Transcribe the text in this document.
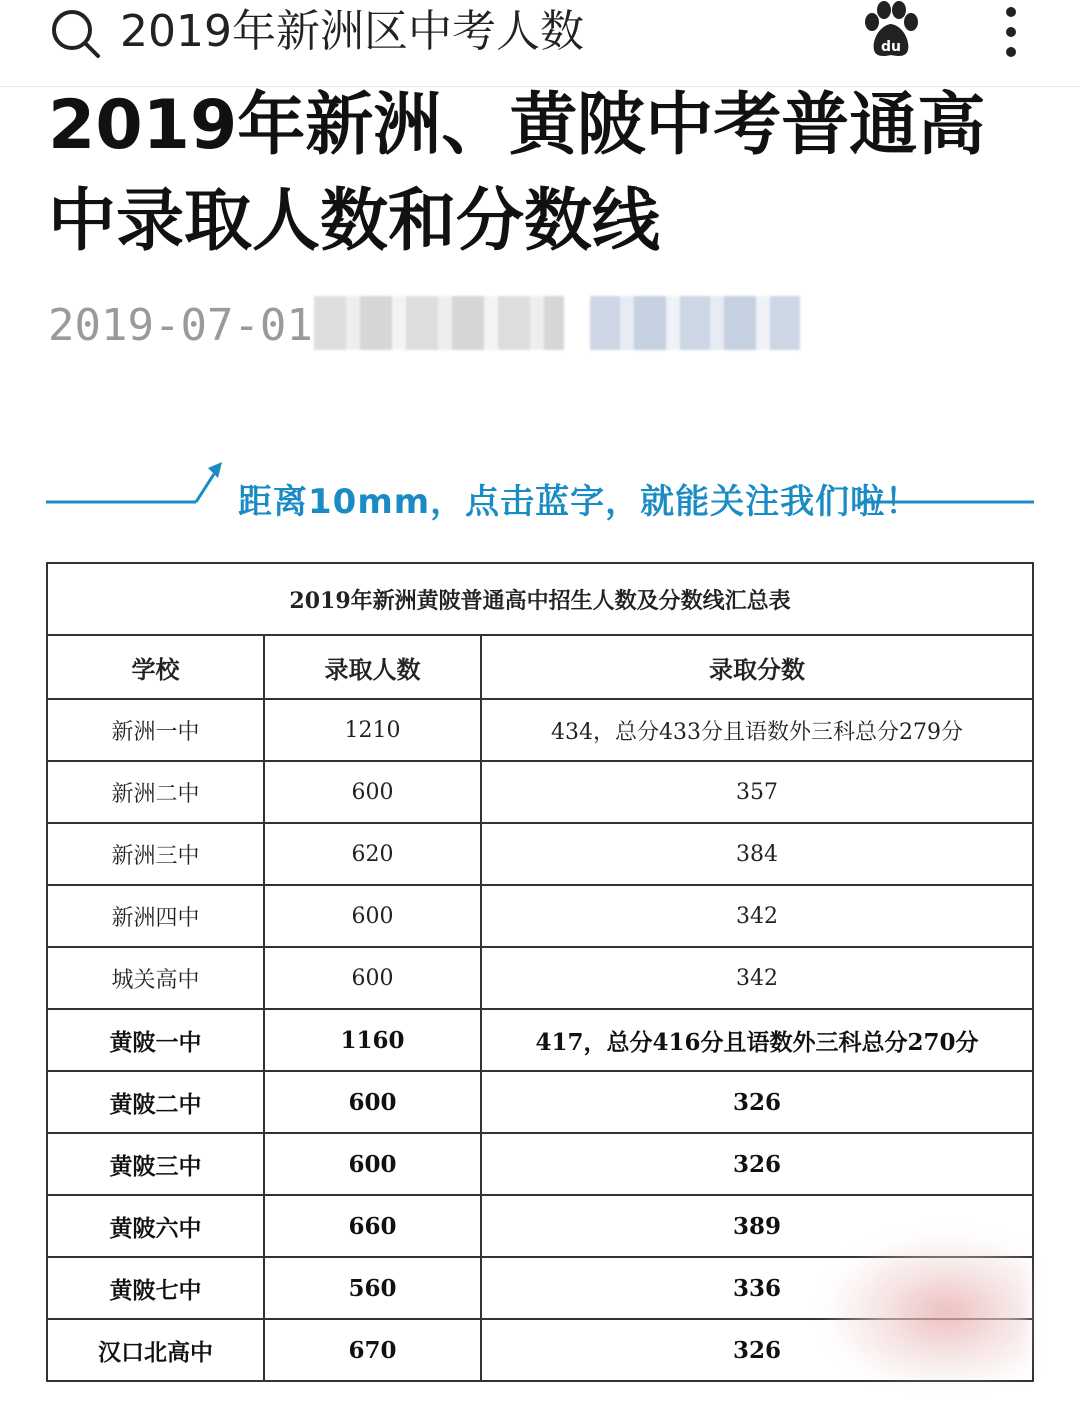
2019年新洲区中考人数	du
2019年新洲、黄陂中考普通高中录取人数和分数线
2019-07-01
距离10mm，点击蓝字，就能关注我们啦！
2019年新洲黄陂普通高中招生人数及分数线汇总表		
学校	录取人数	录取分数
新洲一中	1210	434，总分433分且语数外三科总分279分
新洲二中	600	357
新洲三中	620	384
新洲四中	600	342
城关高中	600	342
黄陂一中	1160	417，总分416分且语数外三科总分270分
黄陂二中	600	326
黄陂三中	600	326
黄陂六中	660	389
黄陂七中	560	336
汉口北高中	670	326
